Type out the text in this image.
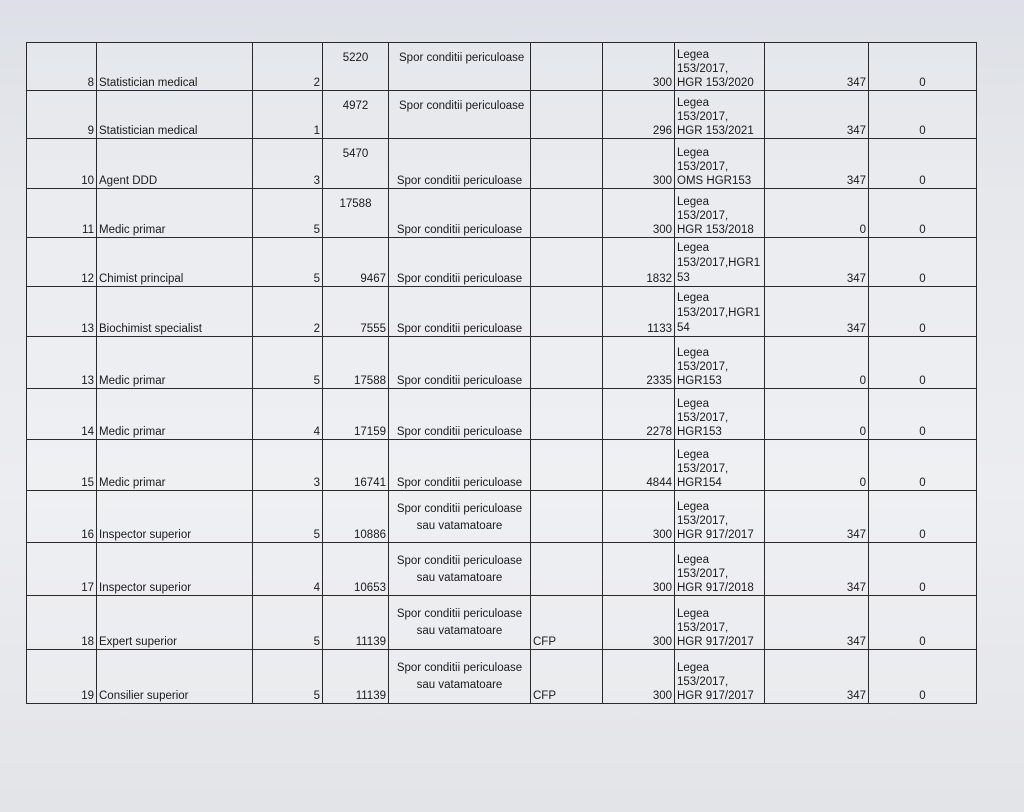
8	Statistician medical	2	5220	Spor conditii periculoase		300	Legea 153/2017,
HGR 153/2020	347	0
9	Statistician medical	1	4972	Spor conditii periculoase		296	Legea 153/2017,
HGR 153/2021	347	0
10	Agent DDD	3	5470	Spor conditii periculoase		300	Legea 153/2017,
OMS HGR153	347	0
11	Medic primar	5	17588	Spor conditii periculoase		300	Legea 153/2017,
HGR 153/2018	0	0
12	Chimist principal	5	9467	Spor conditii periculoase		1832	Legea
153/2017,HGR1
53	347	0
13	Biochimist specialist	2	7555	Spor conditii periculoase		1133	Legea
153/2017,HGR1
54	347	0
13	Medic primar	5	17588	Spor conditii periculoase		2335	Legea 153/2017,
HGR153	0	0
14	Medic primar	4	17159	Spor conditii periculoase		2278	Legea 153/2017,
HGR153	0	0
15	Medic primar	3	16741	Spor conditii periculoase		4844	Legea 153/2017,
HGR154	0	0
16	Inspector superior	5	10886	Spor conditii periculoase
sau vatamatoare		300	Legea 153/2017,
HGR 917/2017	347	0
17	Inspector superior	4	10653	Spor conditii periculoase
sau vatamatoare		300	Legea 153/2017,
HGR 917/2018	347	0
18	Expert superior	5	11139	Spor conditii periculoase
sau vatamatoare	CFP	300	Legea 153/2017,
HGR 917/2017	347	0
19	Consilier superior	5	11139	Spor conditii periculoase
sau vatamatoare	CFP	300	Legea 153/2017,
HGR 917/2017	347	0
